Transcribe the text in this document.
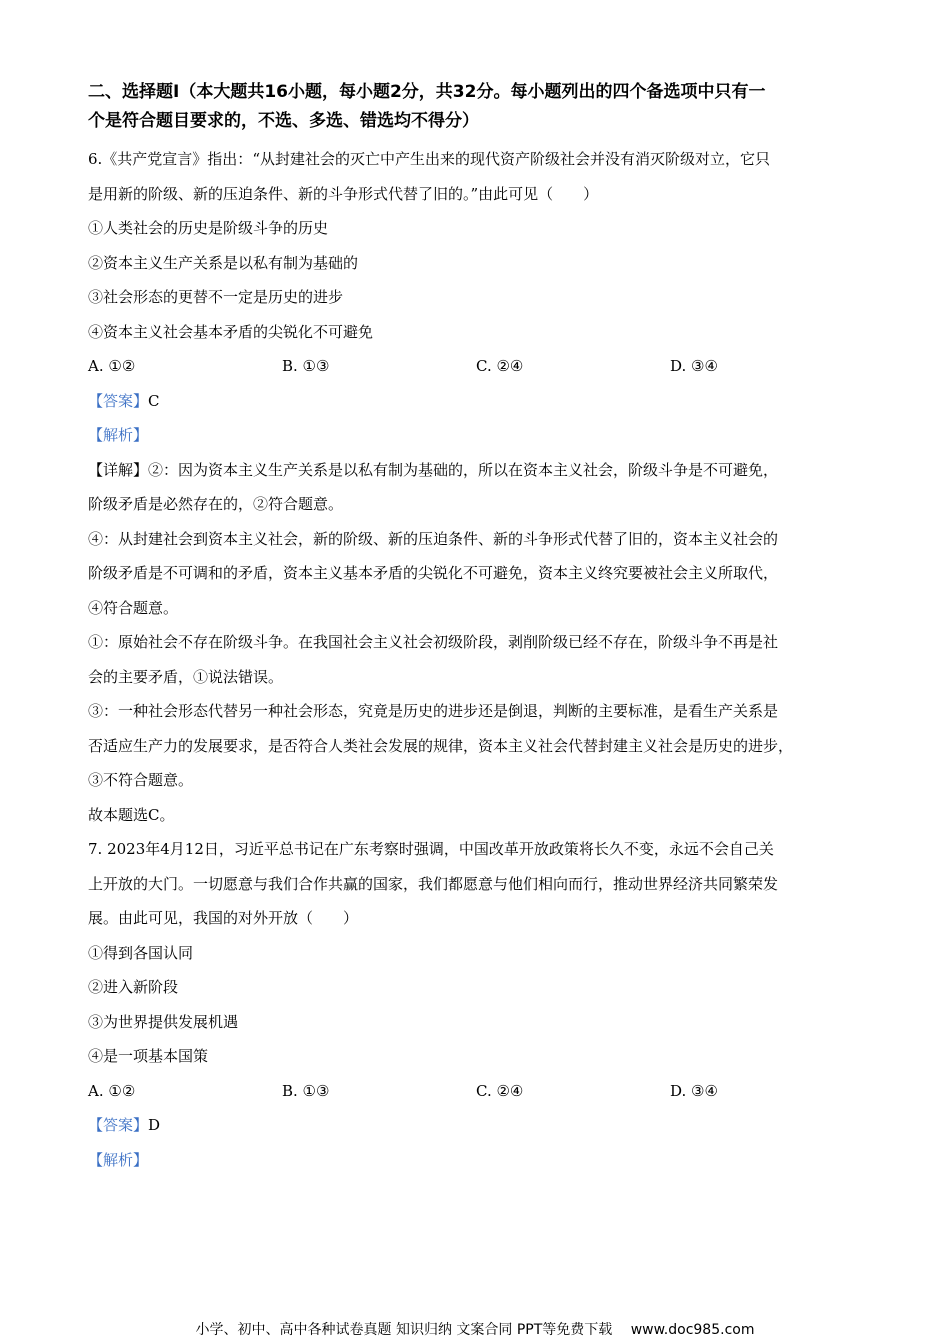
二、选择题Ⅰ（本大题共16小题，每小题2分，共32分。每小题列出的四个备选项中只有一
个是符合题目要求的，不选、多选、错选均不得分）
6.《共产党宣言》指出：“从封建社会的灭亡中产生出来的现代资产阶级社会并没有消灭阶级对立，它只
是用新的阶级、新的压迫条件、新的斗争形式代替了旧的。”由此可见（　　）
①人类社会的历史是阶级斗争的历史
②资本主义生产关系是以私有制为基础的
③社会形态的更替不一定是历史的进步
④资本主义社会基本矛盾的尖锐化不可避免
A. ①②	B. ①③	C. ②④	D. ③④
【答案】C
【解析】
【详解】②：因为资本主义生产关系是以私有制为基础的，所以在资本主义社会，阶级斗争是不可避免，
阶级矛盾是必然存在的，②符合题意。
④：从封建社会到资本主义社会，新的阶级、新的压迫条件、新的斗争形式代替了旧的，资本主义社会的
阶级矛盾是不可调和的矛盾，资本主义基本矛盾的尖锐化不可避免，资本主义终究要被社会主义所取代，
④符合题意。
①：原始社会不存在阶级斗争。在我国社会主义社会初级阶段，剥削阶级已经不存在，阶级斗争不再是社
会的主要矛盾，①说法错误。
③：一种社会形态代替另一种社会形态，究竟是历史的进步还是倒退，判断的主要标准，是看生产关系是
否适应生产力的发展要求，是否符合人类社会发展的规律，资本主义社会代替封建主义社会是历史的进步，
③不符合题意。
故本题选C。
7. 2023年4月12日，习近平总书记在广东考察时强调，中国改革开放政策将长久不变，永远不会自己关
上开放的大门。一切愿意与我们合作共赢的国家，我们都愿意与他们相向而行，推动世界经济共同繁荣发
展。由此可见，我国的对外开放（　　）
①得到各国认同
②进入新阶段
③为世界提供发展机遇
④是一项基本国策
A. ①②	B. ①③	C. ②④	D. ③④
【答案】D
【解析】
小学、初中、高中各种试卷真题 知识归纳 文案合同 PPT等免费下载　 www.doc985.com
